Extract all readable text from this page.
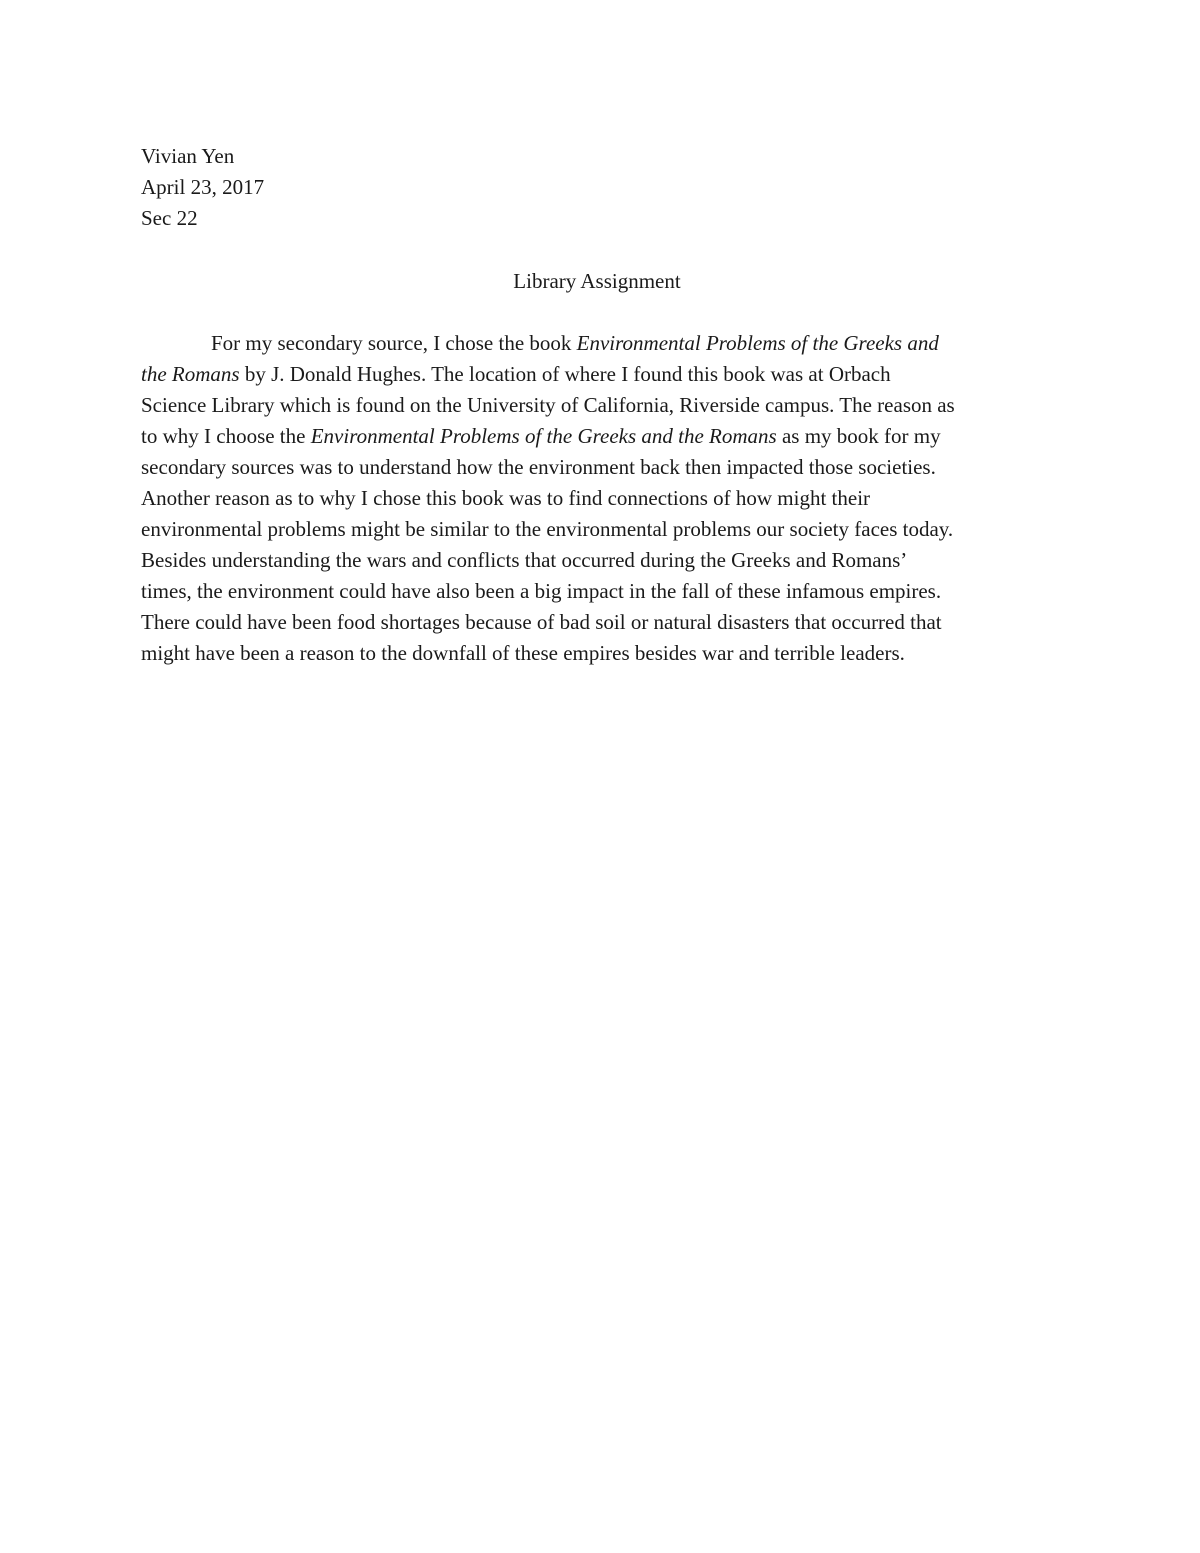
Vivian Yen
April 23, 2017
Sec 22
Library Assignment
For my secondary source, I chose the book Environmental Problems of the Greeks and
the Romans by J. Donald Hughes. The location of where I found this book was at Orbach
Science Library which is found on the University of California, Riverside campus. The reason as
to why I choose the Environmental Problems of the Greeks and the Romans as my book for my
secondary sources was to understand how the environment back then impacted those societies.
Another reason as to why I chose this book was to find connections of how might their
environmental problems might be similar to the environmental problems our society faces today.
Besides understanding the wars and conflicts that occurred during the Greeks and Romans’
times, the environment could have also been a big impact in the fall of these infamous empires.
There could have been food shortages because of bad soil or natural disasters that occurred that
might have been a reason to the downfall of these empires besides war and terrible leaders.
